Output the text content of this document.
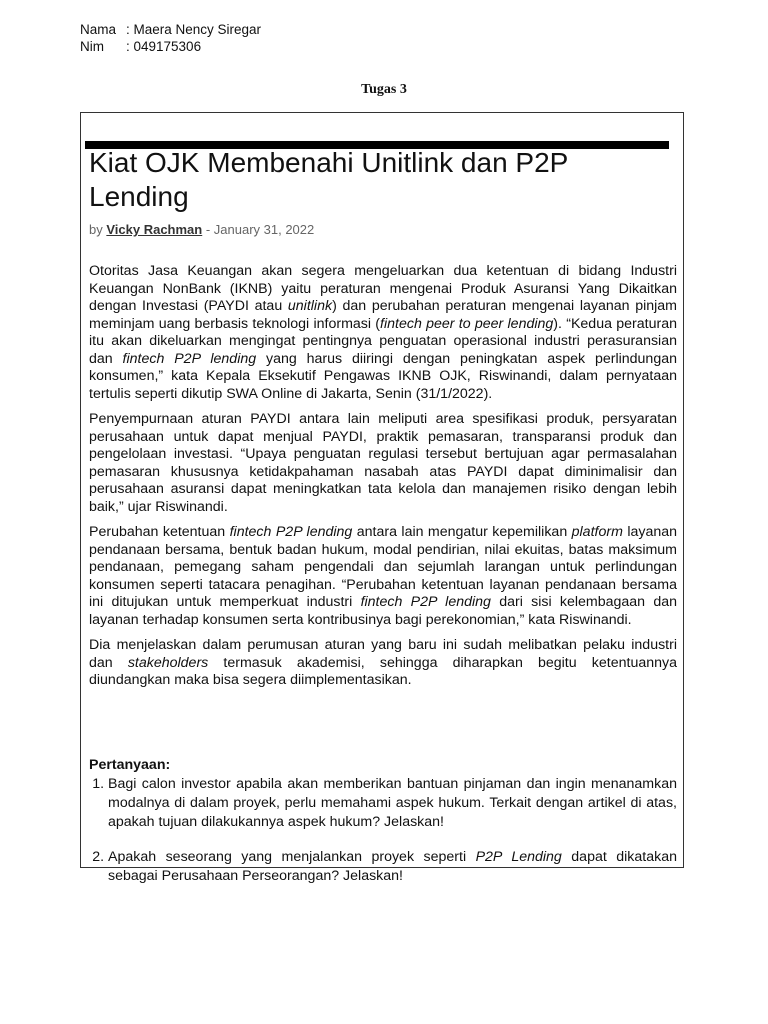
Nama : Maera Nency Siregar
Nim	: 049175306
Tugas 3
Kiat OJK Membenahi Unitlink dan P2P Lending
by Vicky Rachman - January 31, 2022

Otoritas Jasa Keuangan akan segera mengeluarkan dua ketentuan di bidang Industri Keuangan NonBank (IKNB) yaitu peraturan mengenai Produk Asuransi Yang Dikaitkan dengan Investasi (PAYDI atau unitlink) dan perubahan peraturan mengenai layanan pinjam meminjam uang berbasis teknologi informasi (fintech peer to peer lending). “Kedua peraturan itu akan dikeluarkan mengingat pentingnya penguatan operasional industri perasuransian dan fintech P2P lending yang harus diiringi dengan peningkatan aspek perlindungan konsumen,” kata Kepala Eksekutif Pengawas IKNB OJK, Riswinandi, dalam pernyataan tertulis seperti dikutip SWA Online di Jakarta, Senin (31/1/2022).

Penyempurnaan aturan PAYDI antara lain meliputi area spesifikasi produk, persyaratan perusahaan untuk dapat menjual PAYDI, praktik pemasaran, transparansi produk dan pengelolaan investasi. “Upaya penguatan regulasi tersebut bertujuan agar permasalahan pemasaran khususnya ketidakpahaman nasabah atas PAYDI dapat diminimalisir dan perusahaan asuransi dapat meningkatkan tata kelola dan manajemen risiko dengan lebih baik,” ujar Riswinandi.

Perubahan ketentuan fintech P2P lending antara lain mengatur kepemilikan platform layanan pendanaan bersama, bentuk badan hukum, modal pendirian, nilai ekuitas, batas maksimum pendanaan, pemegang saham pengendali dan sejumlah larangan untuk perlindungan konsumen seperti tatacara penagihan. “Perubahan ketentuan layanan pendanaan bersama ini ditujukan untuk memperkuat industri fintech P2P lending dari sisi kelembagaan dan layanan terhadap konsumen serta kontribusinya bagi perekonomian,” kata Riswinandi.

Dia menjelaskan dalam perumusan aturan yang baru ini sudah melibatkan pelaku industri dan stakeholders termasuk akademisi, sehingga diharapkan begitu ketentuannya diundangkan maka bisa segera diimplementasikan.

Pertanyaan:

1. Bagi calon investor apabila akan memberikan bantuan pinjaman dan ingin menanamkan modalnya di dalam proyek, perlu memahami aspek hukum. Terkait dengan artikel di atas, apakah tujuan dilakukannya aspek hukum? Jelaskan!
2. Apakah seseorang yang menjalankan proyek seperti P2P Lending dapat dikatakan sebagai Perusahaan Perseorangan? Jelaskan!
